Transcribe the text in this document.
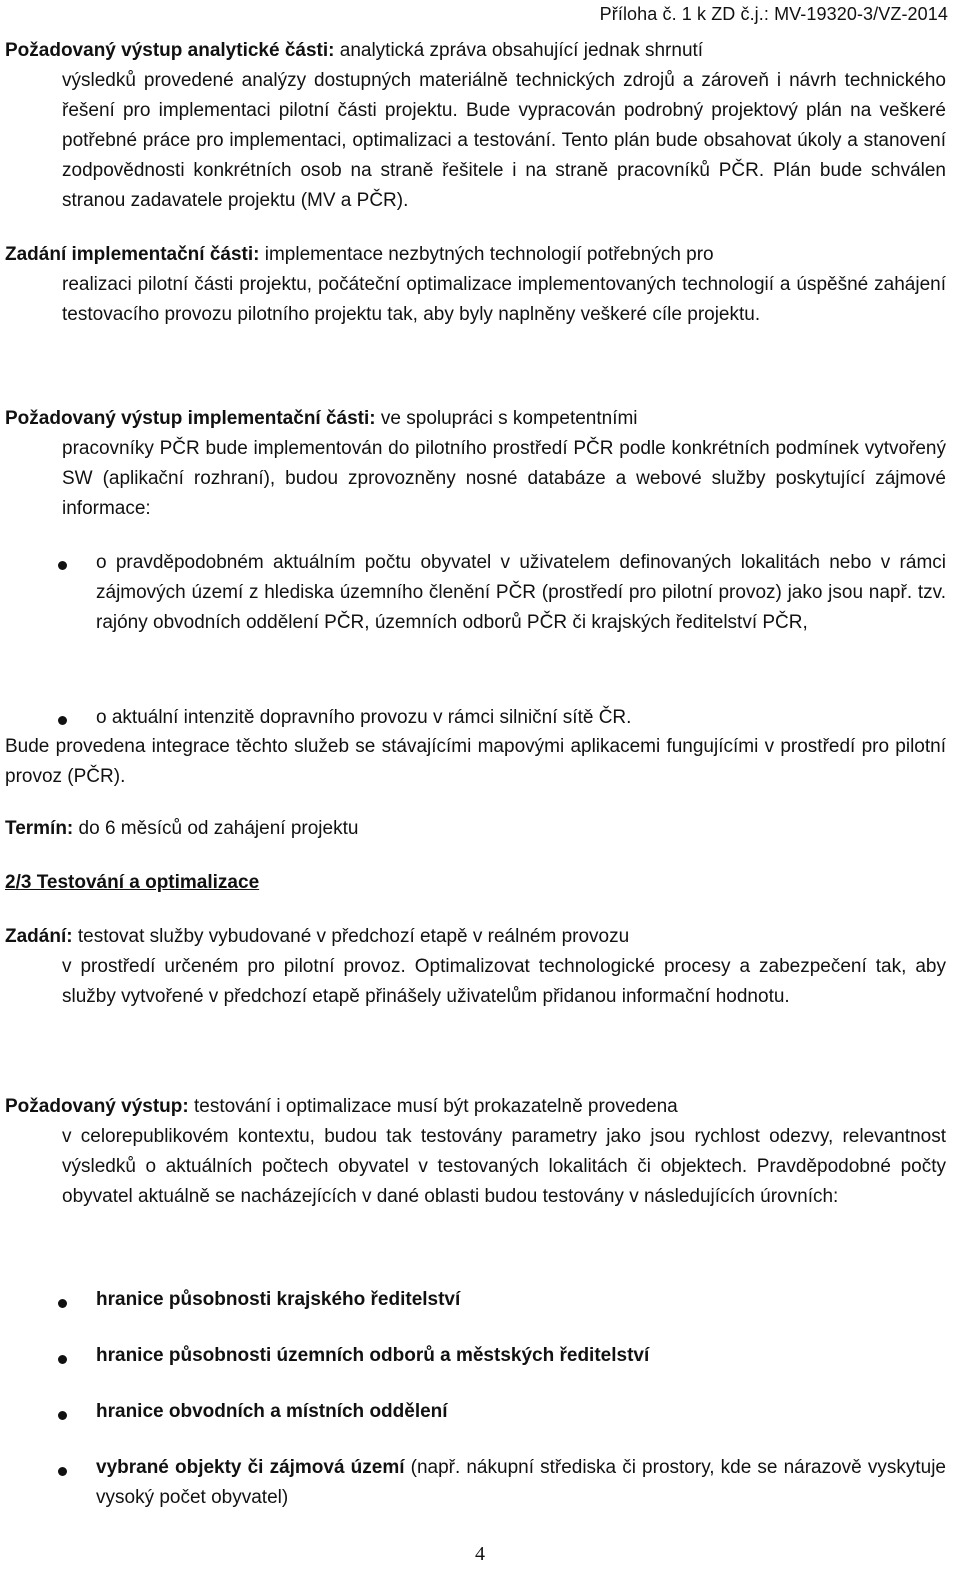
Příloha č. 1 k ZD č.j.: MV-19320-3/VZ-2014
Požadovaný výstup analytické části: analytická zpráva obsahující jednak shrnutí
výsledků provedené analýzy dostupných materiálně technických zdrojů a zároveň i návrh technického řešení pro implementaci pilotní části projektu. Bude vypracován podrobný projektový plán na veškeré potřebné práce pro implementaci, optimalizaci a testování. Tento plán bude obsahovat úkoly a stanovení zodpovědnosti konkrétních osob na straně řešitele i na straně pracovníků PČR. Plán bude schválen stranou zadavatele projektu (MV a PČR).
Zadání implementační části: implementace nezbytných technologií potřebných pro
realizaci pilotní části projektu, počáteční optimalizace implementovaných technologií a úspěšné zahájení testovacího provozu pilotního projektu tak, aby byly naplněny veškeré cíle projektu.
Požadovaný výstup implementační části: ve spolupráci s kompetentními
pracovníky PČR bude implementován do pilotního prostředí PČR podle konkrétních podmínek vytvořený SW (aplikační rozhraní), budou zprovozněny nosné databáze a webové služby poskytující zájmové informace:
o pravděpodobném aktuálním počtu obyvatel v uživatelem definovaných lokalitách nebo v rámci zájmových území z hlediska územního členění PČR (prostředí pro pilotní provoz) jako jsou např. tzv. rajóny obvodních oddělení PČR, územních odborů PČR či krajských ředitelství PČR,
o aktuální intenzitě dopravního provozu v rámci silniční sítě ČR.
Bude provedena integrace těchto služeb se stávajícími mapovými aplikacemi fungujícími v prostředí pro pilotní provoz (PČR).
Termín: do 6 měsíců od zahájení projektu
2/3 Testování a optimalizace
Zadání: testovat služby vybudované v předchozí etapě v reálném provozu
v prostředí určeném pro pilotní provoz. Optimalizovat technologické procesy a zabezpečení tak, aby služby vytvořené v předchozí etapě přinášely uživatelům přidanou informační hodnotu.
Požadovaný výstup: testování i optimalizace musí být prokazatelně provedena
v celorepublikovém kontextu, budou tak testovány parametry jako jsou rychlost odezvy, relevantnost výsledků o aktuálních počtech obyvatel v testovaných lokalitách či objektech. Pravděpodobné počty obyvatel aktuálně se nacházejících v dané oblasti budou testovány v následujících úrovních:
hranice působnosti krajského ředitelství
hranice působnosti územních odborů a městských ředitelství
hranice obvodních a místních oddělení
vybrané objekty či zájmová území (např. nákupní střediska či prostory, kde se nárazově vyskytuje vysoký počet obyvatel)
4
